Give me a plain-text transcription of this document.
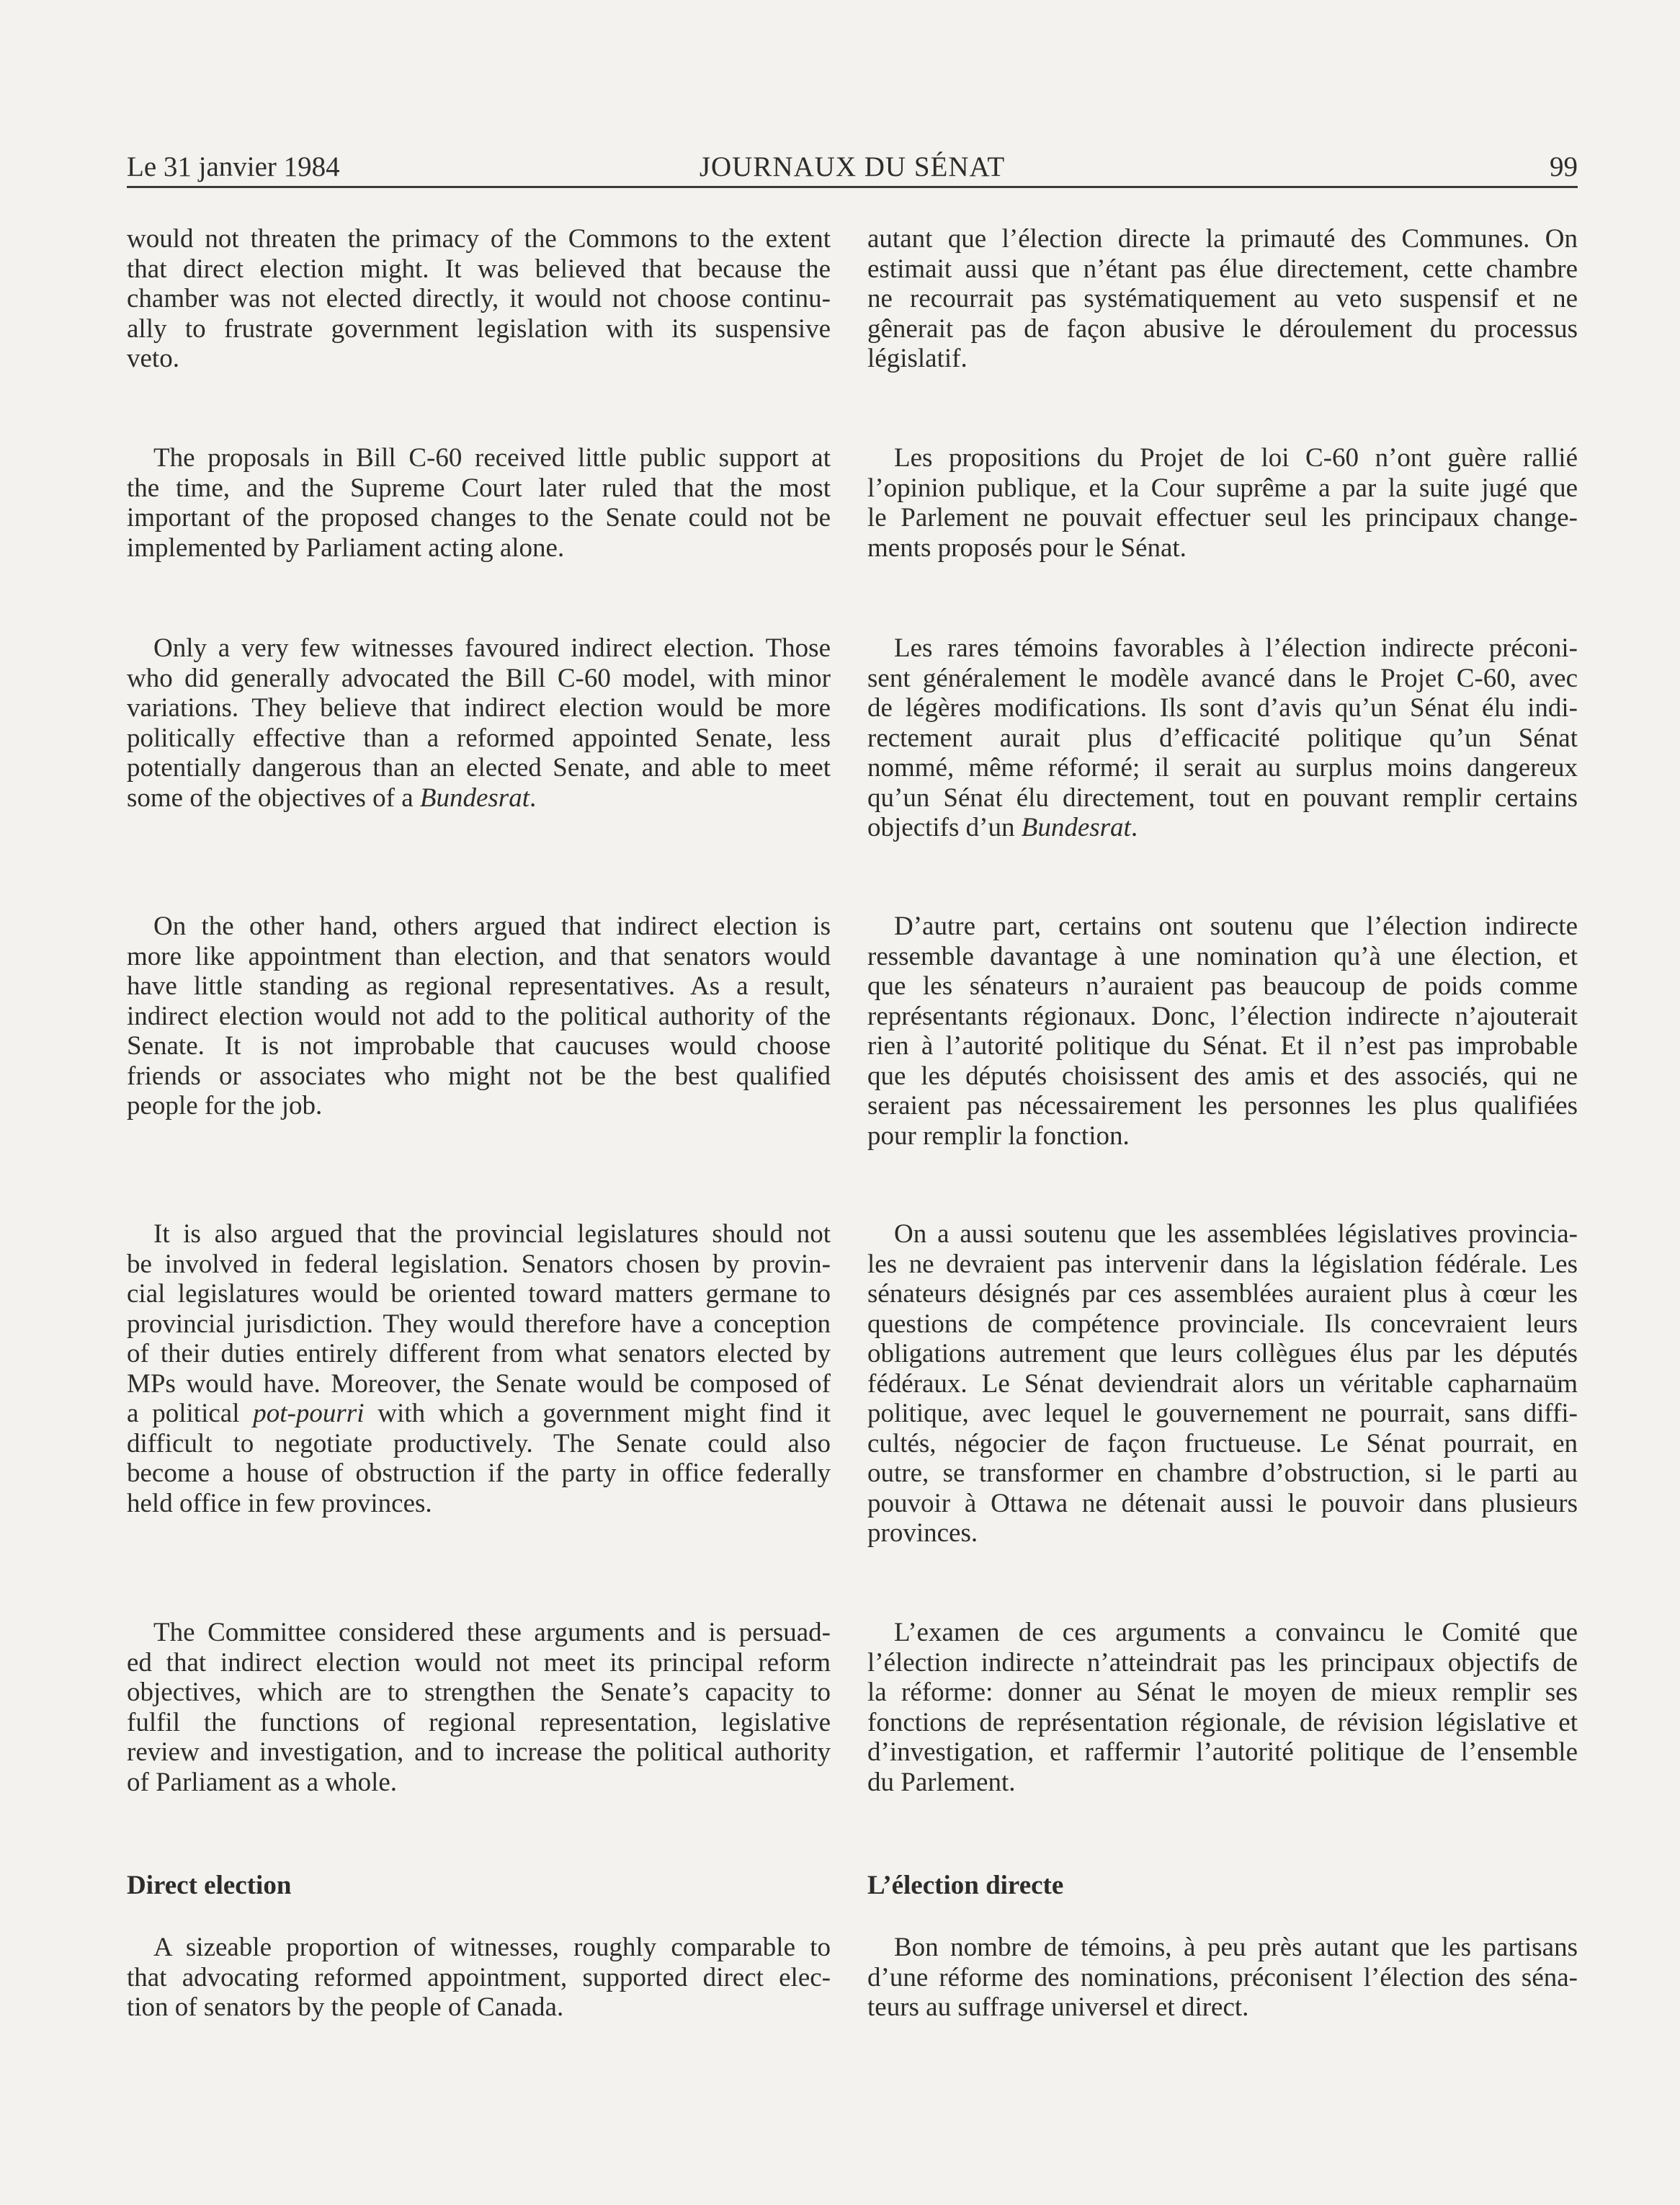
Le 31 janvier 1984	JOURNAUX DU SÉNAT	99
would not threaten the primacy of the Commons to the extent
that direct election might. It was believed that because the
chamber was not elected directly, it would not choose continu-
ally to frustrate government legislation with its suspensive
veto.
The proposals in Bill C-60 received little public support at
the time, and the Supreme Court later ruled that the most
important of the proposed changes to the Senate could not be
implemented by Parliament acting alone.
Only a very few witnesses favoured indirect election. Those
who did generally advocated the Bill C-60 model, with minor
variations. They believe that indirect election would be more
politically effective than a reformed appointed Senate, less
potentially dangerous than an elected Senate, and able to meet
some of the objectives of a Bundesrat.
On the other hand, others argued that indirect election is
more like appointment than election, and that senators would
have little standing as regional representatives. As a result,
indirect election would not add to the political authority of the
Senate. It is not improbable that caucuses would choose
friends or associates who might not be the best qualified
people for the job.
It is also argued that the provincial legislatures should not
be involved in federal legislation. Senators chosen by provin-
cial legislatures would be oriented toward matters germane to
provincial jurisdiction. They would therefore have a conception
of their duties entirely different from what senators elected by
MPs would have. Moreover, the Senate would be composed of
a political pot-pourri with which a government might find it
difficult to negotiate productively. The Senate could also
become a house of obstruction if the party in office federally
held office in few provinces.
The Committee considered these arguments and is persuad-
ed that indirect election would not meet its principal reform
objectives, which are to strengthen the Senate’s capacity to
fulfil the functions of regional representation, legislative
review and investigation, and to increase the political authority
of Parliament as a whole.
Direct election
A sizeable proportion of witnesses, roughly comparable to
that advocating reformed appointment, supported direct elec-
tion of senators by the people of Canada.
autant que l’élection directe la primauté des Communes. On
estimait aussi que n’étant pas élue directement, cette chambre
ne recourrait pas systématiquement au veto suspensif et ne
gênerait pas de façon abusive le déroulement du processus
législatif.
Les propositions du Projet de loi C-60 n’ont guère rallié
l’opinion publique, et la Cour suprême a par la suite jugé que
le Parlement ne pouvait effectuer seul les principaux change-
ments proposés pour le Sénat.
Les rares témoins favorables à l’élection indirecte préconi-
sent généralement le modèle avancé dans le Projet C-60, avec
de légères modifications. Ils sont d’avis qu’un Sénat élu indi-
rectement aurait plus d’efficacité politique qu’un Sénat
nommé, même réformé; il serait au surplus moins dangereux
qu’un Sénat élu directement, tout en pouvant remplir certains
objectifs d’un Bundesrat.
D’autre part, certains ont soutenu que l’élection indirecte
ressemble davantage à une nomination qu’à une élection, et
que les sénateurs n’auraient pas beaucoup de poids comme
représentants régionaux. Donc, l’élection indirecte n’ajouterait
rien à l’autorité politique du Sénat. Et il n’est pas improbable
que les députés choisissent des amis et des associés, qui ne
seraient pas nécessairement les personnes les plus qualifiées
pour remplir la fonction.
On a aussi soutenu que les assemblées législatives provincia-
les ne devraient pas intervenir dans la législation fédérale. Les
sénateurs désignés par ces assemblées auraient plus à cœur les
questions de compétence provinciale. Ils concevraient leurs
obligations autrement que leurs collègues élus par les députés
fédéraux. Le Sénat deviendrait alors un véritable capharnaüm
politique, avec lequel le gouvernement ne pourrait, sans diffi-
cultés, négocier de façon fructueuse. Le Sénat pourrait, en
outre, se transformer en chambre d’obstruction, si le parti au
pouvoir à Ottawa ne détenait aussi le pouvoir dans plusieurs
provinces.
L’examen de ces arguments a convaincu le Comité que
l’élection indirecte n’atteindrait pas les principaux objectifs de
la réforme: donner au Sénat le moyen de mieux remplir ses
fonctions de représentation régionale, de révision législative et
d’investigation, et raffermir l’autorité politique de l’ensemble
du Parlement.
L’élection directe
Bon nombre de témoins, à peu près autant que les partisans
d’une réforme des nominations, préconisent l’élection des séna-
teurs au suffrage universel et direct.
